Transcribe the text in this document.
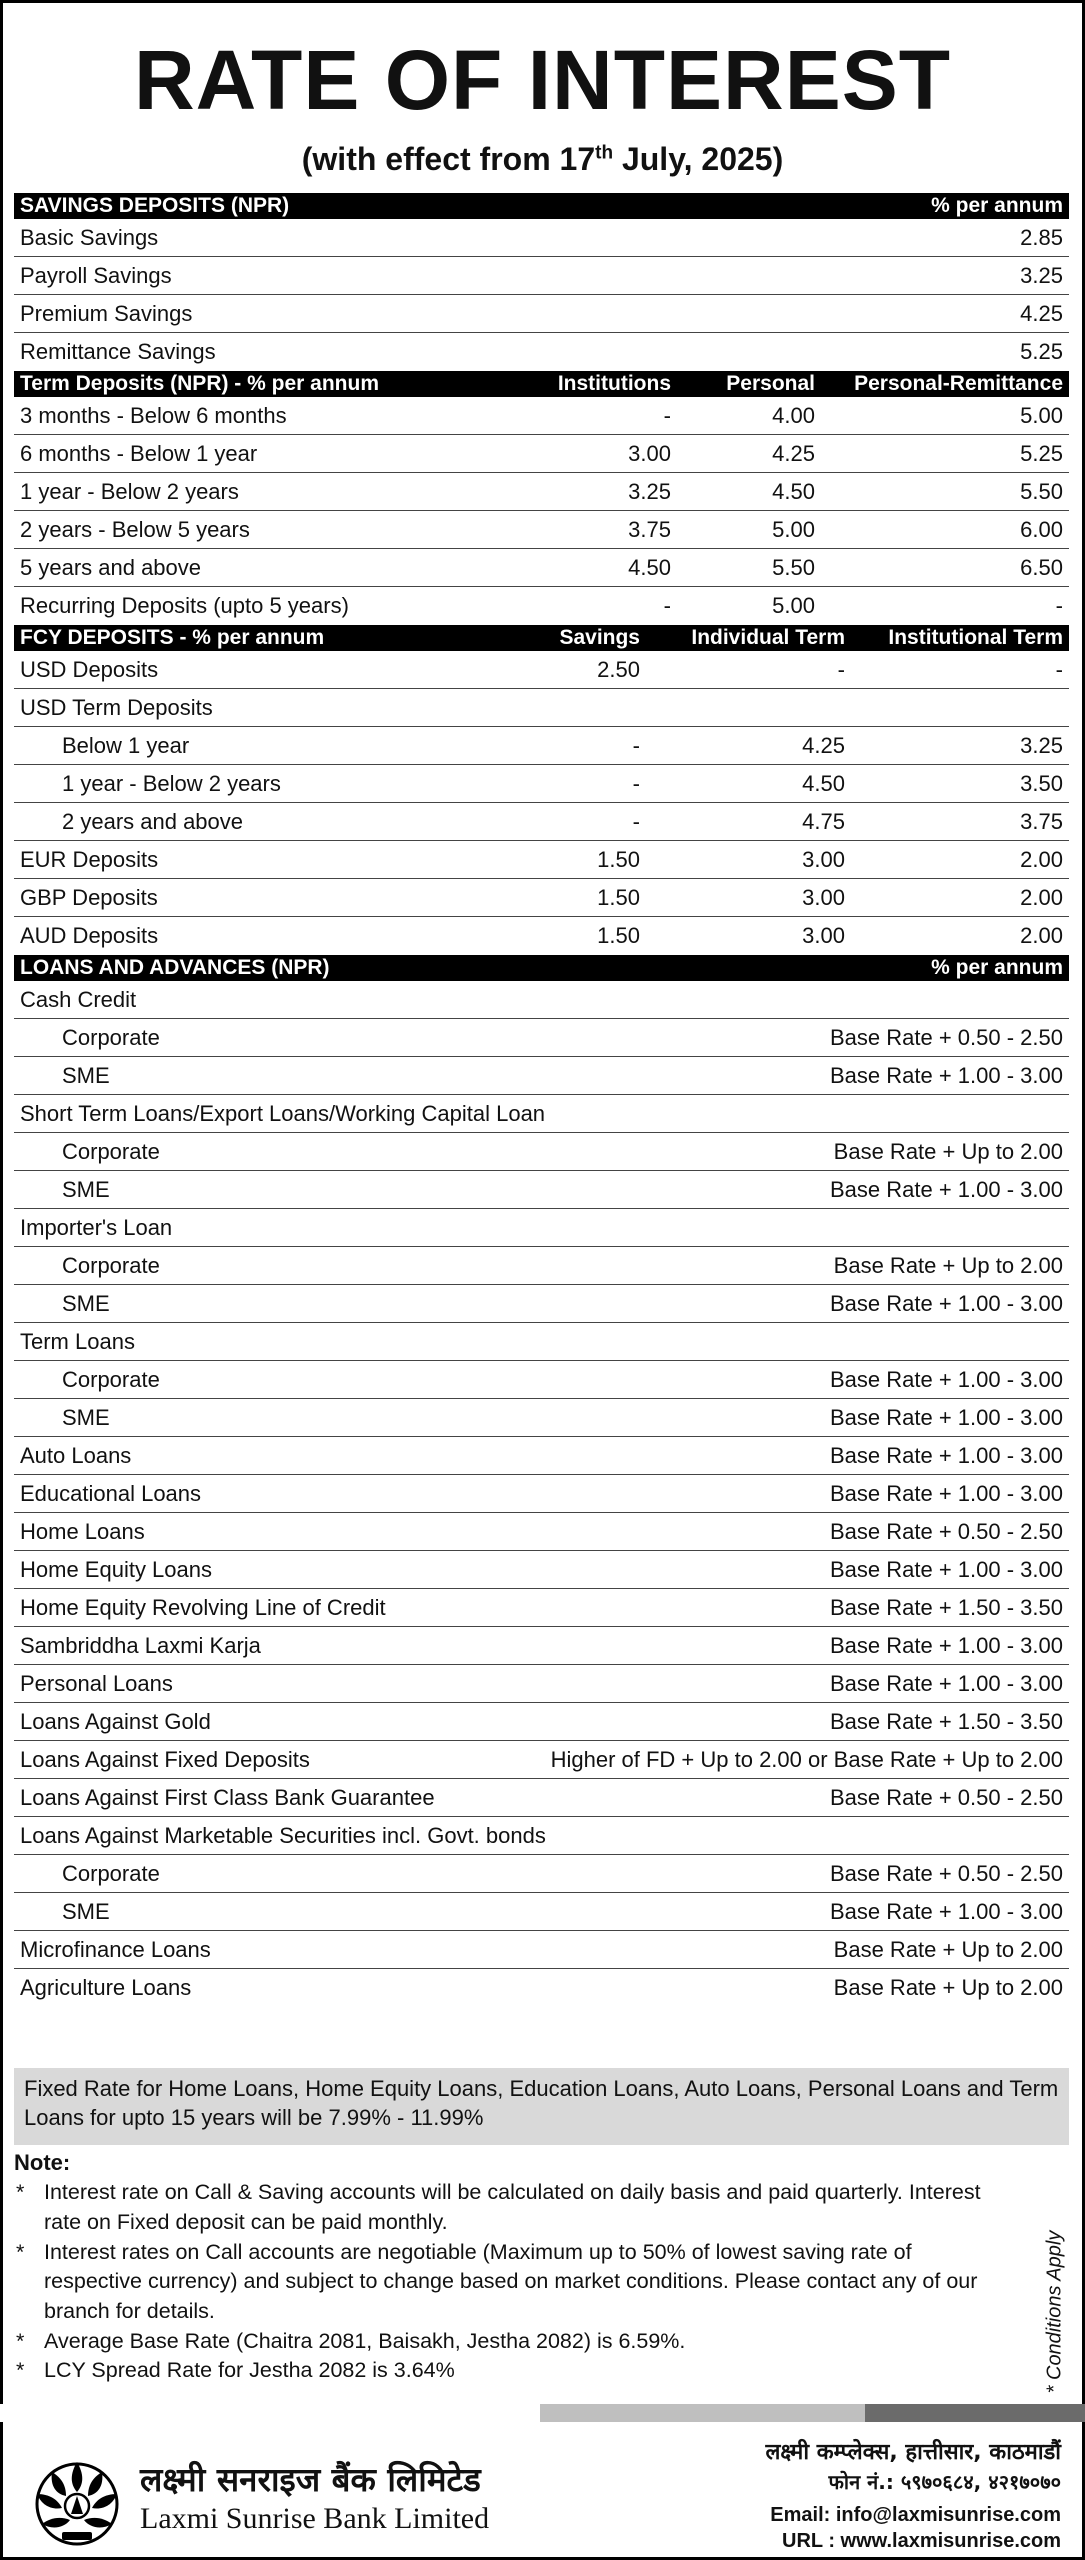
RATE OF INTEREST
(with effect from 17th July, 2025)
SAVINGS DEPOSITS (NPR)	% per annum
Basic Savings	2.85
Payroll Savings	3.25
Premium Savings	4.25
Remittance Savings	5.25
Term Deposits (NPR) - % per annum	Institutions	Personal	Personal-Remittance
3 months - Below 6 months	-	4.00	5.00
6 months - Below 1 year	3.00	4.25	5.25
1 year - Below 2 years	3.25	4.50	5.50
2 years - Below 5 years	3.75	5.00	6.00
5 years and above	4.50	5.50	6.50
Recurring Deposits (upto 5 years)	-	5.00	-
FCY DEPOSITS - % per annum	Savings	Individual Term	Institutional Term
USD Deposits	2.50	-	-
USD Term Deposits
Below 1 year	-	4.25	3.25
1 year - Below 2 years	-	4.50	3.50
2 years and above	-	4.75	3.75
EUR Deposits	1.50	3.00	2.00
GBP Deposits	1.50	3.00	2.00
AUD Deposits	1.50	3.00	2.00
LOANS AND ADVANCES (NPR)	% per annum
Cash Credit
Corporate	Base Rate + 0.50 - 2.50
SME	Base Rate + 1.00 - 3.00
Short Term Loans/Export Loans/Working Capital Loan
Corporate	Base Rate + Up to 2.00
SME	Base Rate + 1.00 - 3.00
Importer's Loan
Corporate	Base Rate + Up to 2.00
SME	Base Rate + 1.00 - 3.00
Term Loans
Corporate	Base Rate + 1.00 - 3.00
SME	Base Rate + 1.00 - 3.00
Auto Loans	Base Rate + 1.00 - 3.00
Educational Loans	Base Rate + 1.00 - 3.00
Home Loans	Base Rate + 0.50 - 2.50
Home Equity Loans	Base Rate + 1.00 - 3.00
Home Equity Revolving Line of Credit	Base Rate + 1.50 - 3.50
Sambriddha Laxmi Karja	Base Rate + 1.00 - 3.00
Personal Loans	Base Rate + 1.00 - 3.00
Loans Against Gold	Base Rate + 1.50 - 3.50
Loans Against Fixed Deposits	Higher of FD + Up to 2.00 or Base Rate + Up to 2.00
Loans Against First Class Bank Guarantee	Base Rate + 0.50 - 2.50
Loans Against Marketable Securities incl. Govt. bonds
Corporate	Base Rate + 0.50 - 2.50
SME	Base Rate + 1.00 - 3.00
Microfinance Loans	Base Rate + Up to 2.00
Agriculture Loans	Base Rate + Up to 2.00
Fixed Rate for Home Loans, Home Equity Loans, Education Loans, Auto Loans, Personal Loans and Term Loans for upto 15 years will be 7.99% - 11.99%
Note:
* Interest rate on Call & Saving accounts will be calculated on daily basis and paid quarterly. Interest rate on Fixed deposit can be paid monthly.
* Interest rates on Call accounts are negotiable (Maximum up to 50% of lowest saving rate of respective currency) and subject to change based on market conditions. Please contact any of our branch for details.
* Average Base Rate (Chaitra 2081, Baisakh, Jestha 2082) is 6.59%.
* LCY Spread Rate for Jestha 2082 is 3.64%	* Conditions Apply
लक्ष्मी सनराइज बैंक लिमिटेड
Laxmi Sunrise Bank Limited
लक्ष्मी कम्प्लेक्स, हात्तीसार, काठमाडौं
फोन नं.: ५९७०६८४, ४२१७०७०
Email: info@laxmisunrise.com
URL : www.laxmisunrise.com
